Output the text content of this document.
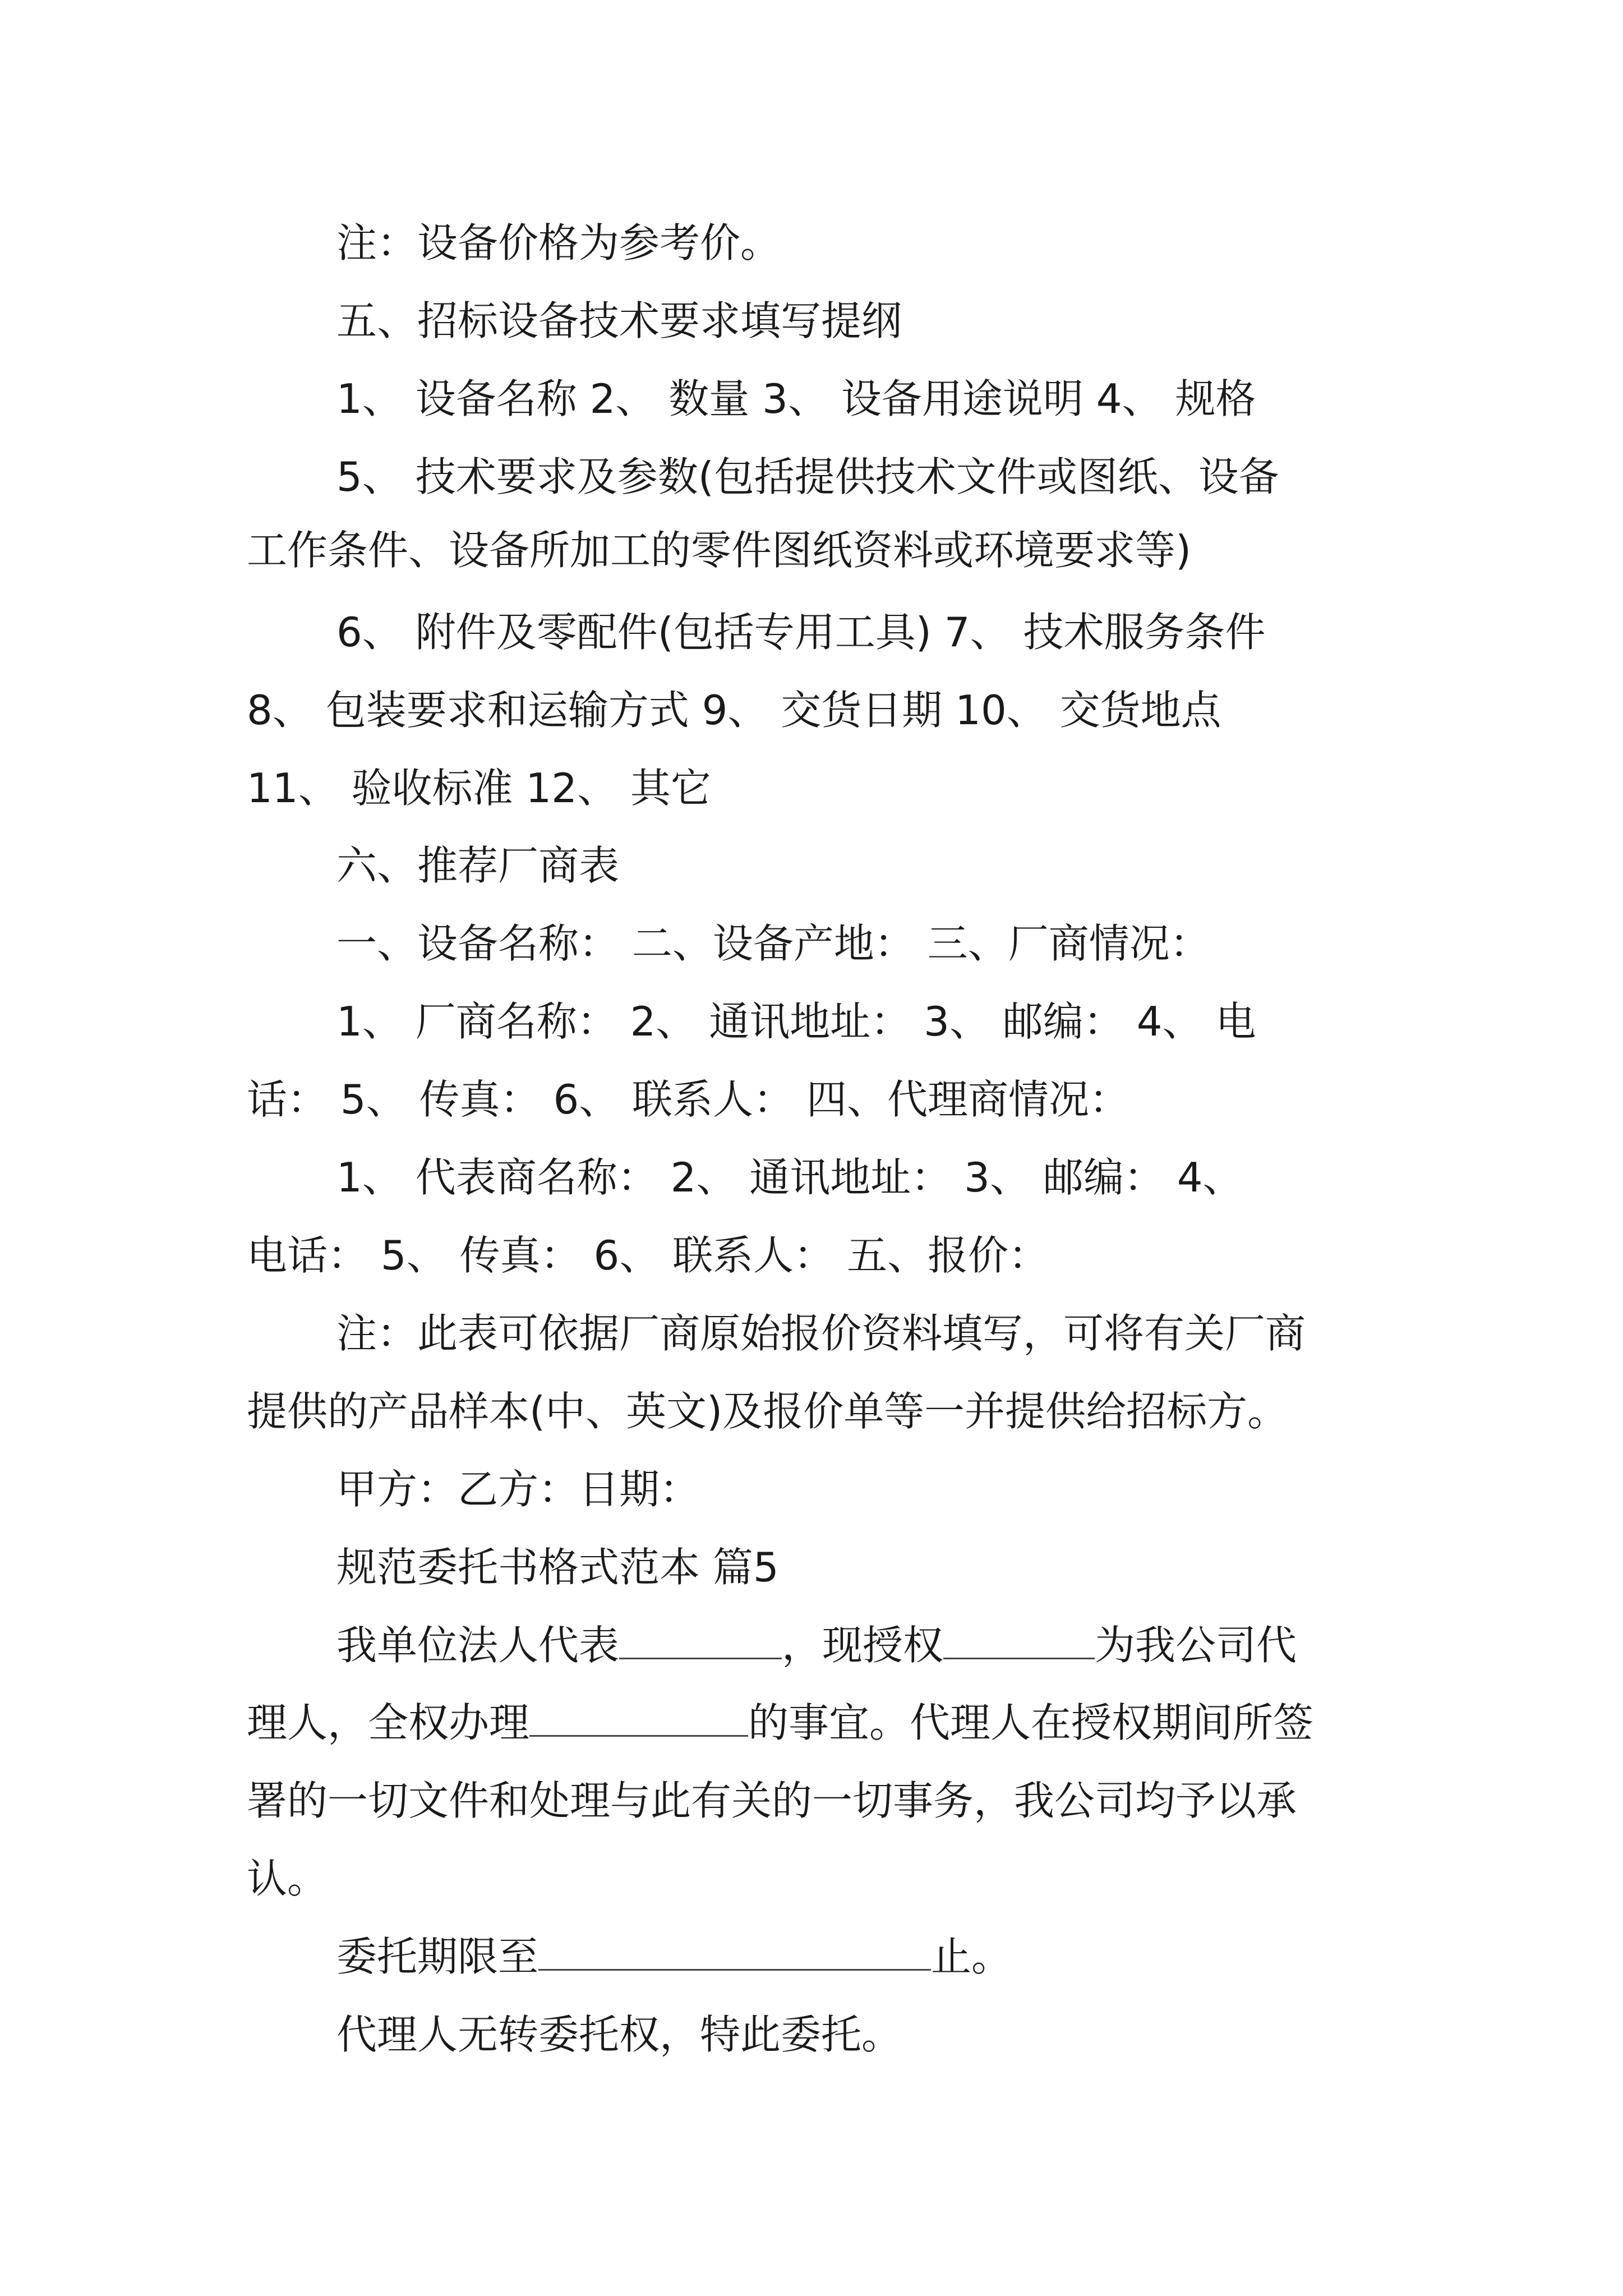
注：设备价格为参考价。

五、招标设备技术要求填写提纲

1、 设备名称 2、 数量 3、 设备用途说明 4、 规格

5、 技术要求及参数(包括提供技术文件或图纸、设备

工作条件、设备所加工的零件图纸资料或环境要求等)

6、 附件及零配件(包括专用工具) 7、 技术服务条件

8、 包装要求和运输方式 9、 交货日期 10、 交货地点

11、 验收标准 12、 其它

六、推荐厂商表

一、设备名称： 二、设备产地： 三、厂商情况：

1、 厂商名称： 2、 通讯地址： 3、 邮编： 4、 电

话： 5、 传真： 6、 联系人： 四、代理商情况：

1、 代表商名称： 2、 通讯地址： 3、 邮编： 4、

电话： 5、 传真： 6、 联系人： 五、报价：

注：此表可依据厂商原始报价资料填写，可将有关厂商

提供的产品样本(中、英文)及报价单等一并提供给招标方。

甲方：乙方：日期：

规范委托书格式范本 篇5

我单位法人代表	，现授权	为我公司代

理人，全权办理	的事宜。代理人在授权期间所签

署的一切文件和处理与此有关的一切事务，我公司均予以承

认。

委托期限至	止。

代理人无转委托权，特此委托。
